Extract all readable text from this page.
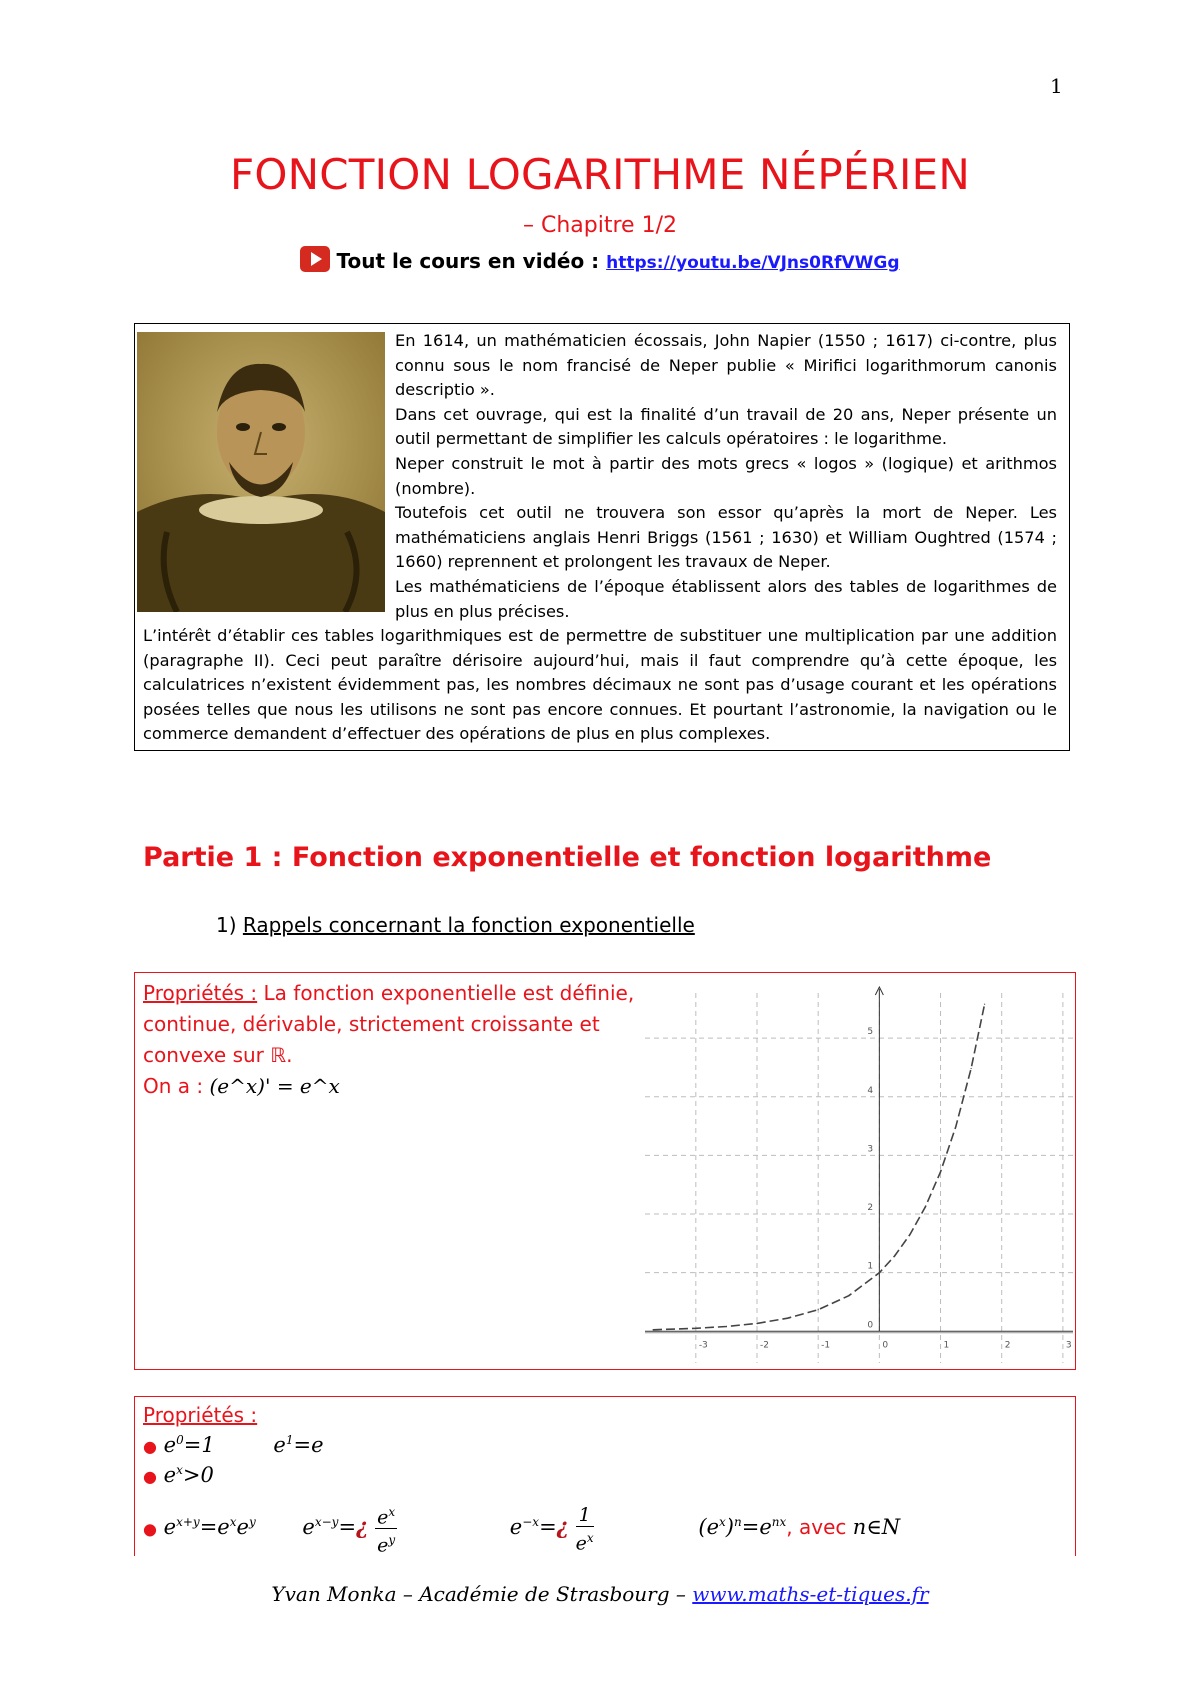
1
FONCTION LOGARITHME NÉPÉRIEN
– Chapitre 1/2
Tout le cours en vidéo : https://youtu.be/VJns0RfVWGg

En 1614, un mathématicien écossais, John Napier (1550 ; 1617) ci-contre, plus connu sous le nom francisé de Neper publie « Mirifici logarithmorum canonis descriptio ».

Dans cet ouvrage, qui est la finalité d’un travail de 20 ans, Neper présente un outil permettant de simplifier les calculs opératoires : le logarithme.

Neper construit le mot à partir des mots grecs « logos » (logique) et arithmos (nombre).

Toutefois cet outil ne trouvera son essor qu’après la mort de Neper. Les mathématiciens anglais Henri Briggs (1561 ; 1630) et William Oughtred (1574 ; 1660) reprennent et prolongent les travaux de Neper.

Les mathématiciens de l’époque établissent alors des tables de logarithmes de plus en plus précises.

L’intérêt d’établir ces tables logarithmiques est de permettre de substituer une multiplication par une addition (paragraphe II). Ceci peut paraître dérisoire aujourd’hui, mais il faut comprendre qu’à cette époque, les calculatrices n’existent évidemment pas, les nombres décimaux ne sont pas d’usage courant et les opérations posées telles que nous les utilisons ne sont pas encore connues. Et pourtant l’astronomie, la navigation ou le commerce demandent d’effectuer des opérations de plus en plus complexes.

Partie 1 : Fonction exponentielle et fonction logarithme
1) Rappels concernant la fonction exponentielle
Propriétés : La fonction exponentielle est définie, continue, dérivable, strictement croissante et convexe sur ℝ.
On a : (e^x)' = e^x
-3	-2	-1	0	1	2	3
0
1
2
3
4
5
Propriétés :
● $e^0=1$	$e^1=e$
● $e^x>0$
● $e^{x+y}=e^xe^y$ $e^{x-y}=¿ \frac{e^x}{e^y}$	$e^{-x}=¿ \frac{1}{e^x}$	$(e^x)^n=e^{nx}$, avec n∈N
Yvan Monka – Académie de Strasbourg – www.maths-et-tiques.fr
